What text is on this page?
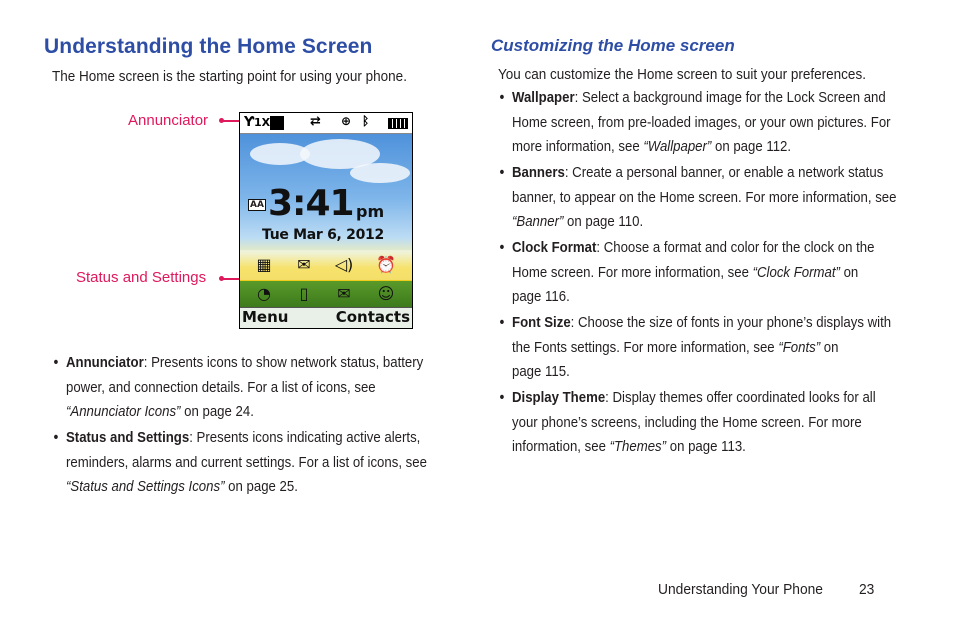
Understanding the Home Screen
The Home screen is the starting point for using your phone.
Annunciator
Status and Settings
Ƴ 1X	⇄ ⊕ ᛒ
AA 3:41 pm
Tue Mar 6, 2012
▦	✉	◁) ⏰
◔	▯	✉	☺
Menu	Contacts
• Annunciator: Presents icons to show network status, battery
power, and connection details. For a list of icons, see
“Annunciator Icons” on page 24.
• Status and Settings: Presents icons indicating active alerts,
reminders, alarms and current settings. For a list of icons, see
“Status and Settings Icons” on page 25.
Customizing the Home screen
You can customize the Home screen to suit your preferences.
• Wallpaper: Select a background image for the Lock Screen and
Home screen, from pre-loaded images, or your own pictures. For
more information, see “Wallpaper” on page 112.
• Banners: Create a personal banner, or enable a network status
banner, to appear on the Home screen. For more information, see
“Banner” on page 110.
• Clock Format: Choose a format and color for the clock on the
Home screen. For more information, see “Clock Format” on
page 116.
• Font Size: Choose the size of fonts in your phone’s displays with
the Fonts settings. For more information, see “Fonts” on
page 115.
• Display Theme: Display themes offer coordinated looks for all
your phone’s screens, including the Home screen. For more
information, see “Themes” on page 113.
Understanding Your Phone 23
